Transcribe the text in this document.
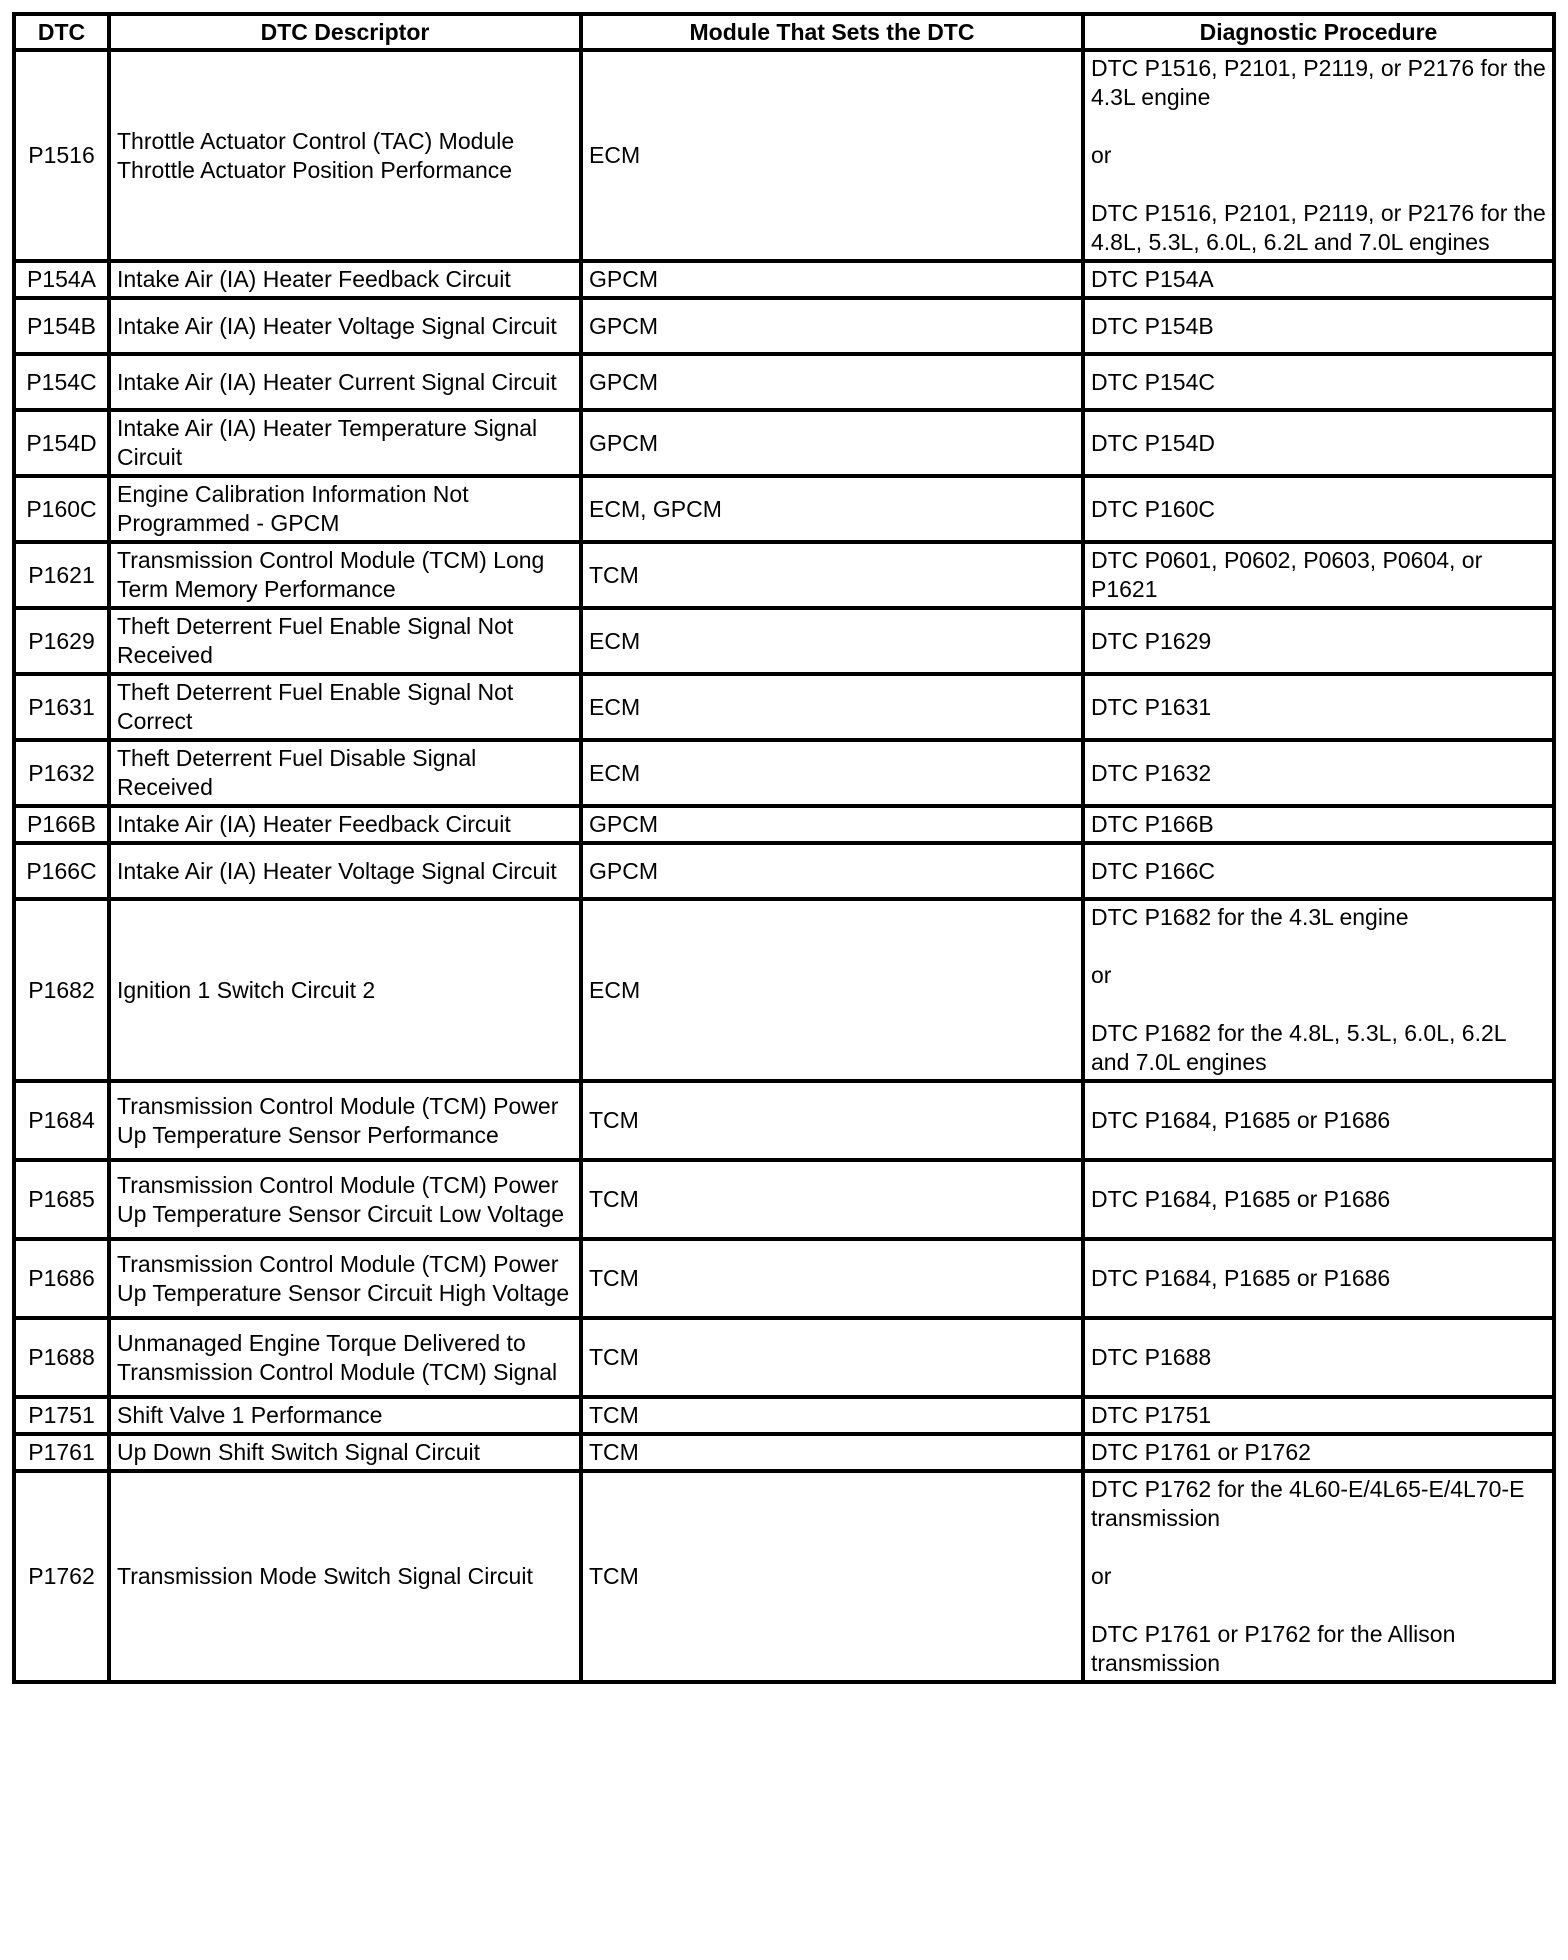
DTC	DTC Descriptor	Module That Sets the DTC	Diagnostic Procedure
P1516	Throttle Actuator Control (TAC) Module Throttle Actuator Position Performance	ECM	DTC P1516, P2101, P2119, or P2176 for the 4.3L engine
or
DTC P1516, P2101, P2119, or P2176 for the 4.8L, 5.3L, 6.0L, 6.2L and 7.0L engines

P154A	Intake Air (IA) Heater Feedback Circuit	GPCM	DTC P154A

P154B	Intake Air (IA) Heater Voltage Signal Circuit	GPCM	DTC P154B

P154C	Intake Air (IA) Heater Current Signal Circuit	GPCM	DTC P154C

P154D	Intake Air (IA) Heater Temperature Signal Circuit	GPCM	DTC P154D

P160C	Engine Calibration Information Not Programmed - GPCM	ECM, GPCM	DTC P160C

P1621	Transmission Control Module (TCM) Long Term Memory Performance	TCM	DTC P0601, P0602, P0603, P0604, or P1621

P1629	Theft Deterrent Fuel Enable Signal Not Received	ECM	DTC P1629

P1631	Theft Deterrent Fuel Enable Signal Not Correct	ECM	DTC P1631

P1632	Theft Deterrent Fuel Disable Signal Received	ECM	DTC P1632

P166B	Intake Air (IA) Heater Feedback Circuit	GPCM	DTC P166B

P166C	Intake Air (IA) Heater Voltage Signal Circuit	GPCM	DTC P166C

P1682	Ignition 1 Switch Circuit 2	ECM	DTC P1682 for the 4.3L engine
or
DTC P1682 for the 4.8L, 5.3L, 6.0L, 6.2L and 7.0L engines

P1684	Transmission Control Module (TCM) Power Up Temperature Sensor Performance	TCM	DTC P1684, P1685 or P1686

P1685	Transmission Control Module (TCM) Power Up Temperature Sensor Circuit Low Voltage	TCM	DTC P1684, P1685 or P1686

P1686	Transmission Control Module (TCM) Power Up Temperature Sensor Circuit High Voltage	TCM	DTC P1684, P1685 or P1686

P1688	Unmanaged Engine Torque Delivered to Transmission Control Module (TCM) Signal	TCM	DTC P1688

P1751	Shift Valve 1 Performance	TCM	DTC P1751

P1761	Up Down Shift Switch Signal Circuit	TCM	DTC P1761 or P1762

P1762	Transmission Mode Switch Signal Circuit	TCM	DTC P1762 for the 4L60-E/4L65-E/4L70-E transmission
or
DTC P1761 or P1762 for the Allison transmission
